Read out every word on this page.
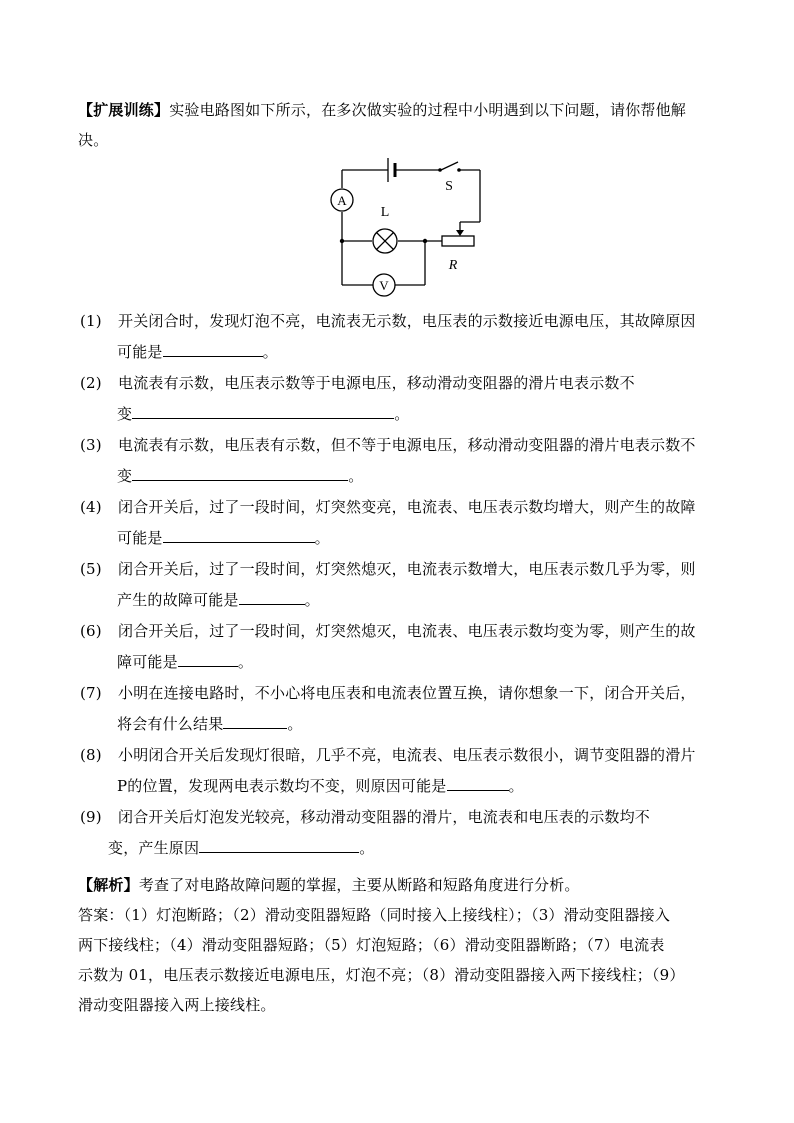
【扩展训练】实验电路图如下所示，在多次做实验的过程中小明遇到以下问题，请你帮他解
决。
A
V
L
S
R
(1) 开关闭合时，发现灯泡不亮，电流表无示数，电压表的示数接近电源电压，其故障原因
可能是	。
(2) 电流表有示数，电压表示数等于电源电压，移动滑动变阻器的滑片电表示数不
变	。
(3) 电流表有示数，电压表有示数，但不等于电源电压，移动滑动变阻器的滑片电表示数不
变	。
(4) 闭合开关后，过了一段时间，灯突然变亮，电流表、电压表示数均增大，则产生的故障
可能是	。
(5) 闭合开关后，过了一段时间，灯突然熄灭，电流表示数增大，电压表示数几乎为零，则
产生的故障可能是	。
(6) 闭合开关后，过了一段时间，灯突然熄灭，电流表、电压表示数均变为零，则产生的故
障可能是	。
(7) 小明在连接电路时，不小心将电压表和电流表位置互换，请你想象一下，闭合开关后，
将会有什么结果	。
(8) 小明闭合开关后发现灯很暗，几乎不亮，电流表、电压表示数很小，调节变阻器的滑片
P的位置，发现两电表示数均不变，则原因可能是	。
(9) 闭合开关后灯泡发光较亮，移动滑动变阻器的滑片，电流表和电压表的示数均不
变，产生原因	。
【解析】考查了对电路故障问题的掌握，主要从断路和短路角度进行分析。
答案：（1）灯泡断路；（2）滑动变阻器短路（同时接入上接线柱）；（3）滑动变阻器接入
两下接线柱；（4）滑动变阻器短路；（5）灯泡短路；（6）滑动变阻器断路；（7）电流表
示数为 01，电压表示数接近电源电压，灯泡不亮；（8）滑动变阻器接入两下接线柱；（9）
滑动变阻器接入两上接线柱。
